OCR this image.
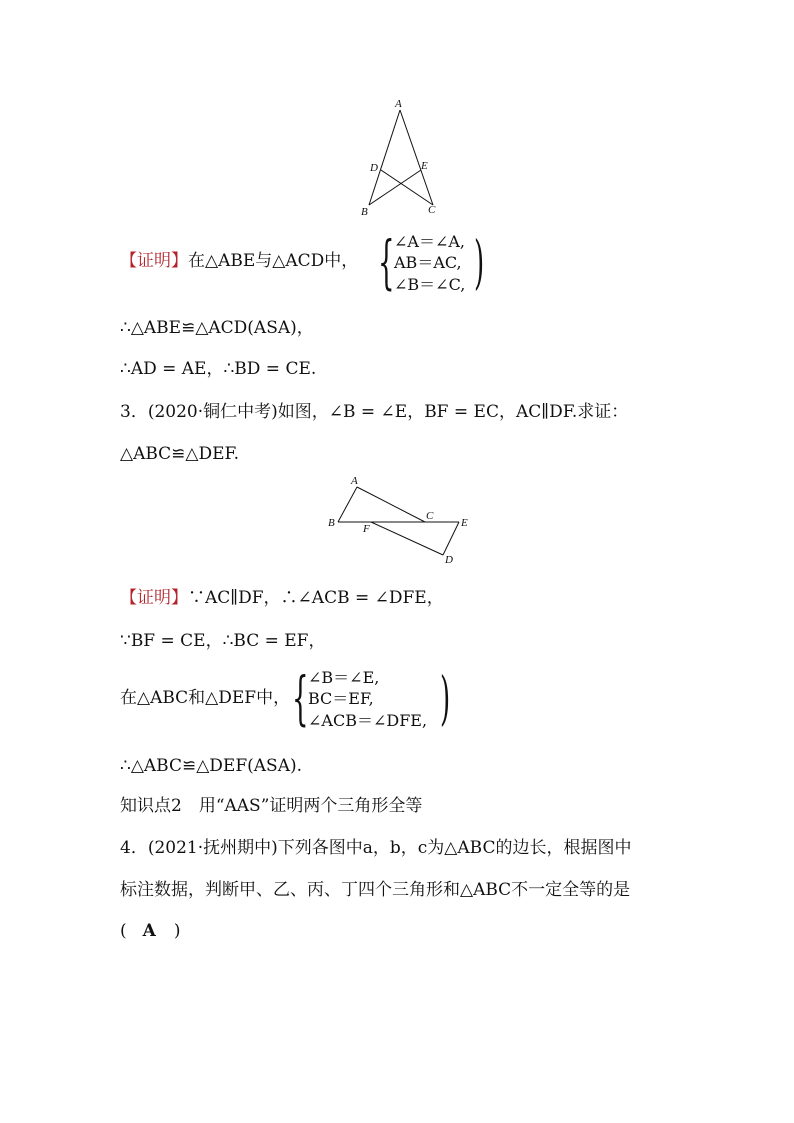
A
D	E
B	C
【证明】在△ABE与△ACD中， { ∠A＝∠A,
AB＝AC,
∠B＝∠C, )
∴△ABE≌△ACD(ASA)，
∴AD = AE，∴BD = CE.
3．(2020·铜仁中考)如图，∠B = ∠E，BF = EC，AC∥DF.求证：
△ABC≌△DEF.
A
B	F
C
E
D
【证明】∵AC∥DF，∴∠ACB = ∠DFE，
∵BF = CE，∴BC = EF，
在△ABC和△DEF中， { ∠B＝∠E,
BC＝EF,
∠ACB＝∠DFE, )
∴△ABC≌△DEF(ASA).
知识点2　用“AAS”证明两个三角形全等
4．(2021·抚州期中)下列各图中a，b，c为△ABC的边长，根据图中
标注数据，判断甲、乙、丙、丁四个三角形和△ABC不一定全等的是
( A )
